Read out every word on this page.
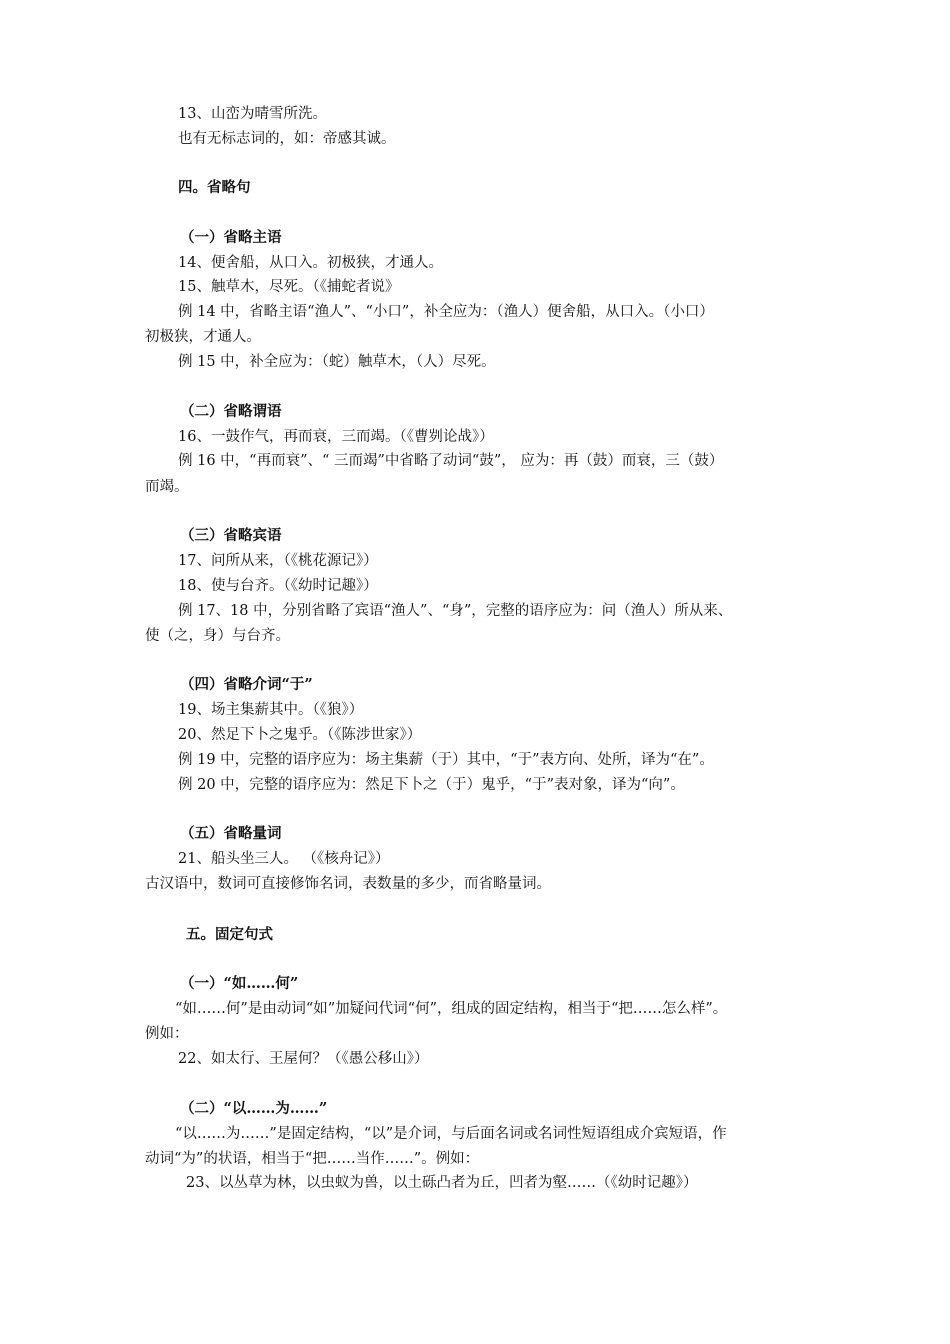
13、山峦为晴雪所洗。
也有无标志词的，如：帝感其诚。
四。省略句
（一）省略主语
14、便舍船，从口入。初极狭，才通人。
15、触草木，尽死。（《捕蛇者说》
例 14 中，省略主语“渔人”、“小口”，补全应为：（渔人）便舍船，从口入。（小口）
初极狭，才通人。
例 15 中，补全应为：（蛇）触草木，（人）尽死。
（二）省略谓语
16、一鼓作气，再而衰，三而竭。（《曹刿论战》）
例 16 中，“再而衰”、“ 三而竭”中省略了动词“鼓”， 应为：再（鼓）而衰，三（鼓）
而竭。
（三）省略宾语
17、问所从来，（《桃花源记》）
18、使与台齐。（《幼时记趣》）
例 17、18 中，分别省略了宾语“渔人”、“身”，完整的语序应为：问（渔人）所从来、
使（之，身）与台齐。
（四）省略介词“于”
19、场主集薪其中。（《狼》）
20、然足下卜之鬼乎。（《陈涉世家》）
例 19 中，完整的语序应为：场主集薪（于）其中，“于”表方向、处所，译为“在”。
例 20 中，完整的语序应为：然足下卜之（于）鬼乎，“于”表对象，译为“向”。
（五）省略量词
21、船头坐三人。 （《核舟记》）
古汉语中，数词可直接修饰名词，表数量的多少，而省略量词。
五。固定句式
（一）“如……何”
“如……何”是由动词“如”加疑问代词“何”，组成的固定结构，相当于“把……怎么样”。
例如：
22、如太行、王屋何？（《愚公移山》）
（二）“以……为……”
“以……为……”是固定结构，“以”是介词，与后面名词或名词性短语组成介宾短语，作
动词“为”的状语，相当于“把……当作……”。例如：
23、以丛草为林，以虫蚁为兽，以土砾凸者为丘，凹者为壑……（《幼时记趣》）
